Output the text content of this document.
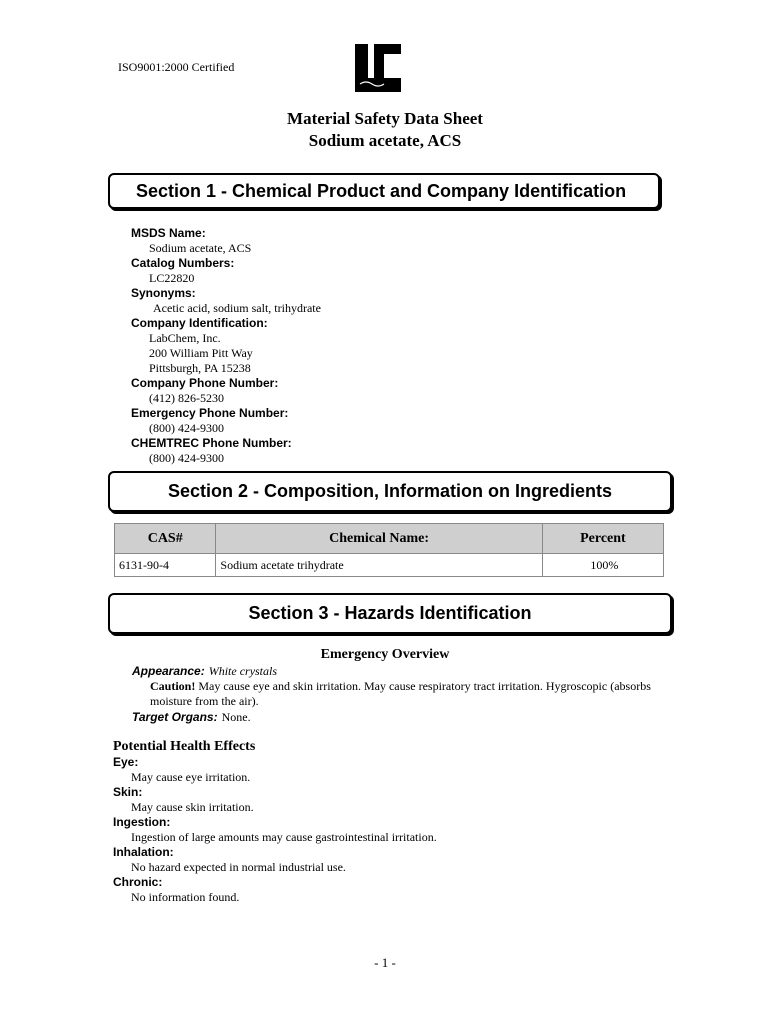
ISO9001:2000 Certified
Material Safety Data Sheet
Sodium acetate, ACS
Section 1 - Chemical Product and Company Identification
MSDS Name:
Sodium acetate, ACS
Catalog Numbers:
LC22820
Synonyms:
Acetic acid, sodium salt, trihydrate
Company Identification:
LabChem, Inc.
200 William Pitt Way
Pittsburgh, PA 15238
Company Phone Number:
(412) 826-5230
Emergency Phone Number:
(800) 424-9300
CHEMTREC Phone Number:
(800) 424-9300
Section 2 - Composition, Information on Ingredients
CAS#	Chemical Name:	Percent
6131-90-4	Sodium acetate trihydrate	100%
Section 3 - Hazards Identification
Emergency Overview
Appearance: White crystals
Caution! May cause eye and skin irritation. May cause respiratory tract irritation. Hygroscopic (absorbs moisture from the air).
Target Organs: None.
Potential Health Effects
Eye:
May cause eye irritation.
Skin:
May cause skin irritation.
Ingestion:
Ingestion of large amounts may cause gastrointestinal irritation.
Inhalation:
No hazard expected in normal industrial use.
Chronic:
No information found.
- 1 -
